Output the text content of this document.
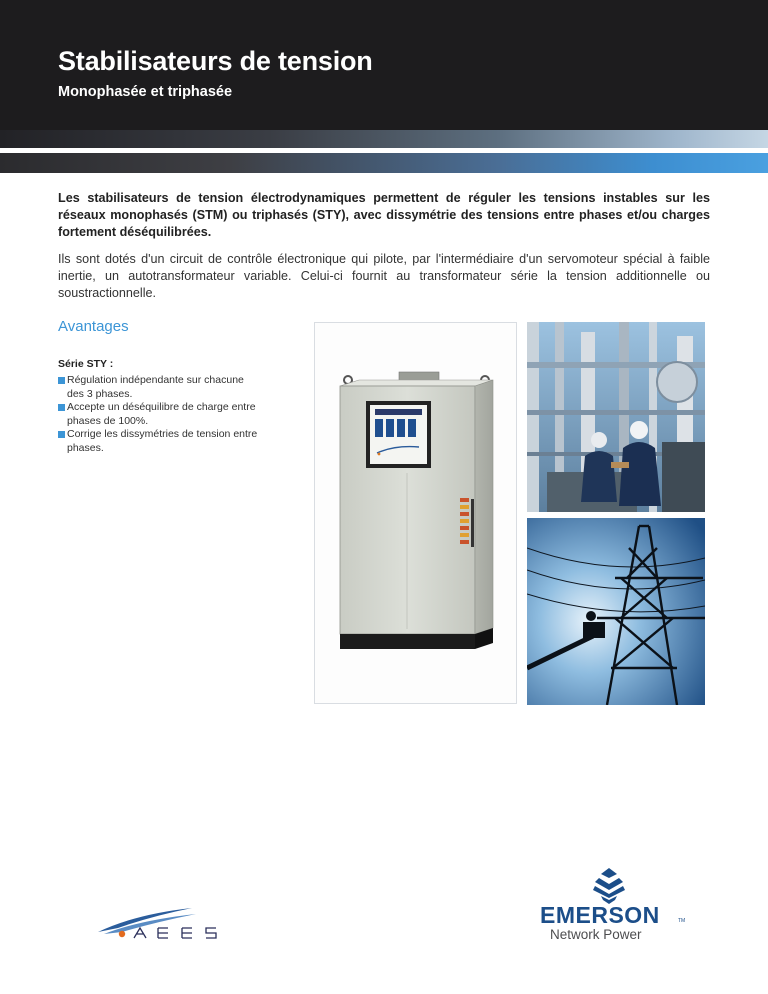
Stabilisateurs de tension
Monophasée et triphasée

Les stabilisateurs de tension électrodynamiques permettent de réguler les tensions instables sur les réseaux monophasés (STM) ou triphasés (STY), avec dissymétrie des tensions entre phases et/ou charges fortement déséquilibrées.

Ils sont dotés d'un circuit de contrôle électronique qui pilote, par l'intermédiaire d'un servomoteur spécial à faible inertie, un autotransformateur variable. Celui-ci fournit au transformateur série la tension additionnelle ou soustractionnelle.

Avantages

Série STY :

Régulation indépendante sur chacune des 3 phases.
Accepte un déséquilibre de charge entre phases de 100%.
Corrige les dissymétries de tension entre phases.

EMERSON	TM

Network Power
